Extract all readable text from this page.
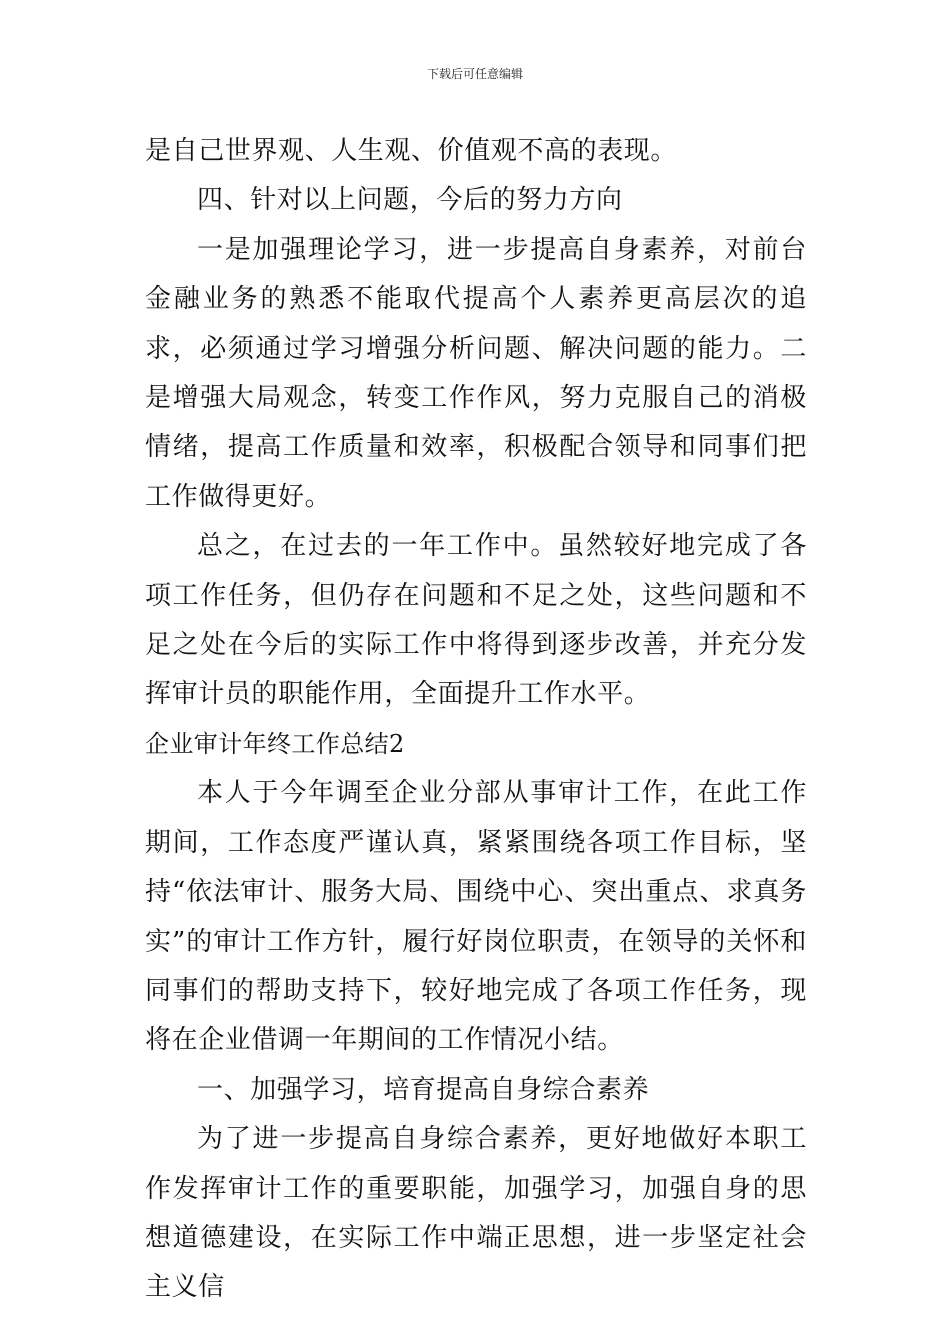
下载后可任意编辑

是自己世界观、人生观、价值观不高的表现。

四、针对以上问题，今后的努力方向

一是加强理论学习，进一步提高自身素养，对前台金融业务的熟悉不能取代提高个人素养更高层次的追求，必须通过学习增强分析问题、解决问题的能力。二是增强大局观念，转变工作作风，努力克服自己的消极情绪，提高工作质量和效率，积极配合领导和同事们把工作做得更好。

总之，在过去的一年工作中。虽然较好地完成了各项工作任务，但仍存在问题和不足之处，这些问题和不足之处在今后的实际工作中将得到逐步改善，并充分发挥审计员的职能作用，全面提升工作水平。

企业审计年终工作总结2

本人于今年调至企业分部从事审计工作，在此工作期间，工作态度严谨认真，紧紧围绕各项工作目标，坚持“依法审计、服务大局、围绕中心、突出重点、求真务实”的审计工作方针，履行好岗位职责，在领导的关怀和同事们的帮助支持下，较好地完成了各项工作任务，现将在企业借调一年期间的工作情况小结。

一、加强学习，培育提高自身综合素养

为了进一步提高自身综合素养，更好地做好本职工作发挥审计工作的重要职能，加强学习，加强自身的思想道德建设，在实际工作中端正思想，进一步坚定社会主义信
